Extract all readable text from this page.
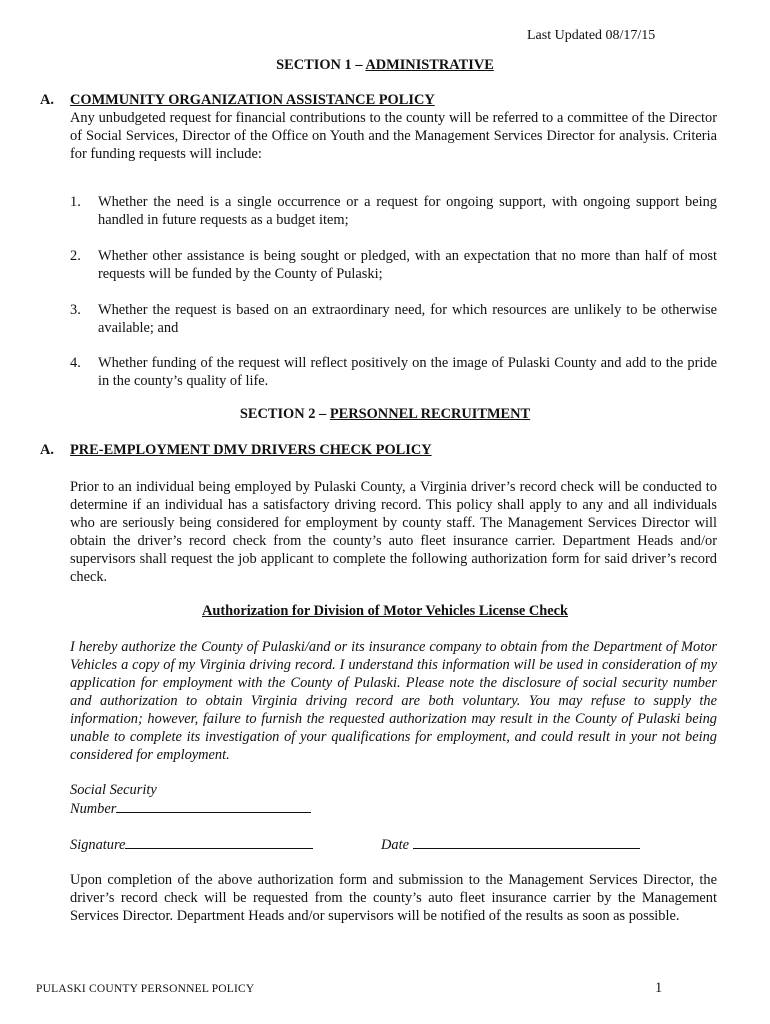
Last Updated 08/17/15
SECTION 1 – ADMINISTRATIVE
A. COMMUNITY ORGANIZATION ASSISTANCE POLICY
Any unbudgeted request for financial contributions to the county will be referred to a committee of the Director of Social Services, Director of the Office on Youth and the Management Services Director for analysis. Criteria for funding requests will include:
1. Whether the need is a single occurrence or a request for ongoing support, with ongoing support being handled in future requests as a budget item;
2. Whether other assistance is being sought or pledged, with an expectation that no more than half of most requests will be funded by the County of Pulaski;
3. Whether the request is based on an extraordinary need, for which resources are unlikely to be otherwise available; and
4. Whether funding of the request will reflect positively on the image of Pulaski County and add to the pride in the county’s quality of life.
SECTION 2 – PERSONNEL RECRUITMENT
A. PRE-EMPLOYMENT DMV DRIVERS CHECK POLICY
Prior to an individual being employed by Pulaski County, a Virginia driver’s record check will be conducted to determine if an individual has a satisfactory driving record. This policy shall apply to any and all individuals who are seriously being considered for employment by county staff. The Management Services Director will obtain the driver’s record check from the county’s auto fleet insurance carrier. Department Heads and/or supervisors shall request the job applicant to complete the following authorization form for said driver’s record check.
Authorization for Division of Motor Vehicles License Check
I hereby authorize the County of Pulaski/and or its insurance company to obtain from the Department of Motor Vehicles a copy of my Virginia driving record. I understand this information will be used in consideration of my application for employment with the County of Pulaski. Please note the disclosure of social security number and authorization to obtain Virginia driving record are both voluntary. You may refuse to supply the information; however, failure to furnish the requested authorization may result in the County of Pulaski being unable to complete its investigation of your qualifications for employment, and could result in your not being considered for employment.
Social Security
Number
Signature	Date
Upon completion of the above authorization form and submission to the Management Services Director, the driver’s record check will be requested from the county’s auto fleet insurance carrier by the Management Services Director. Department Heads and/or supervisors will be notified of the results as soon as possible.
PULASKI COUNTY PERSONNEL POLICY	1
